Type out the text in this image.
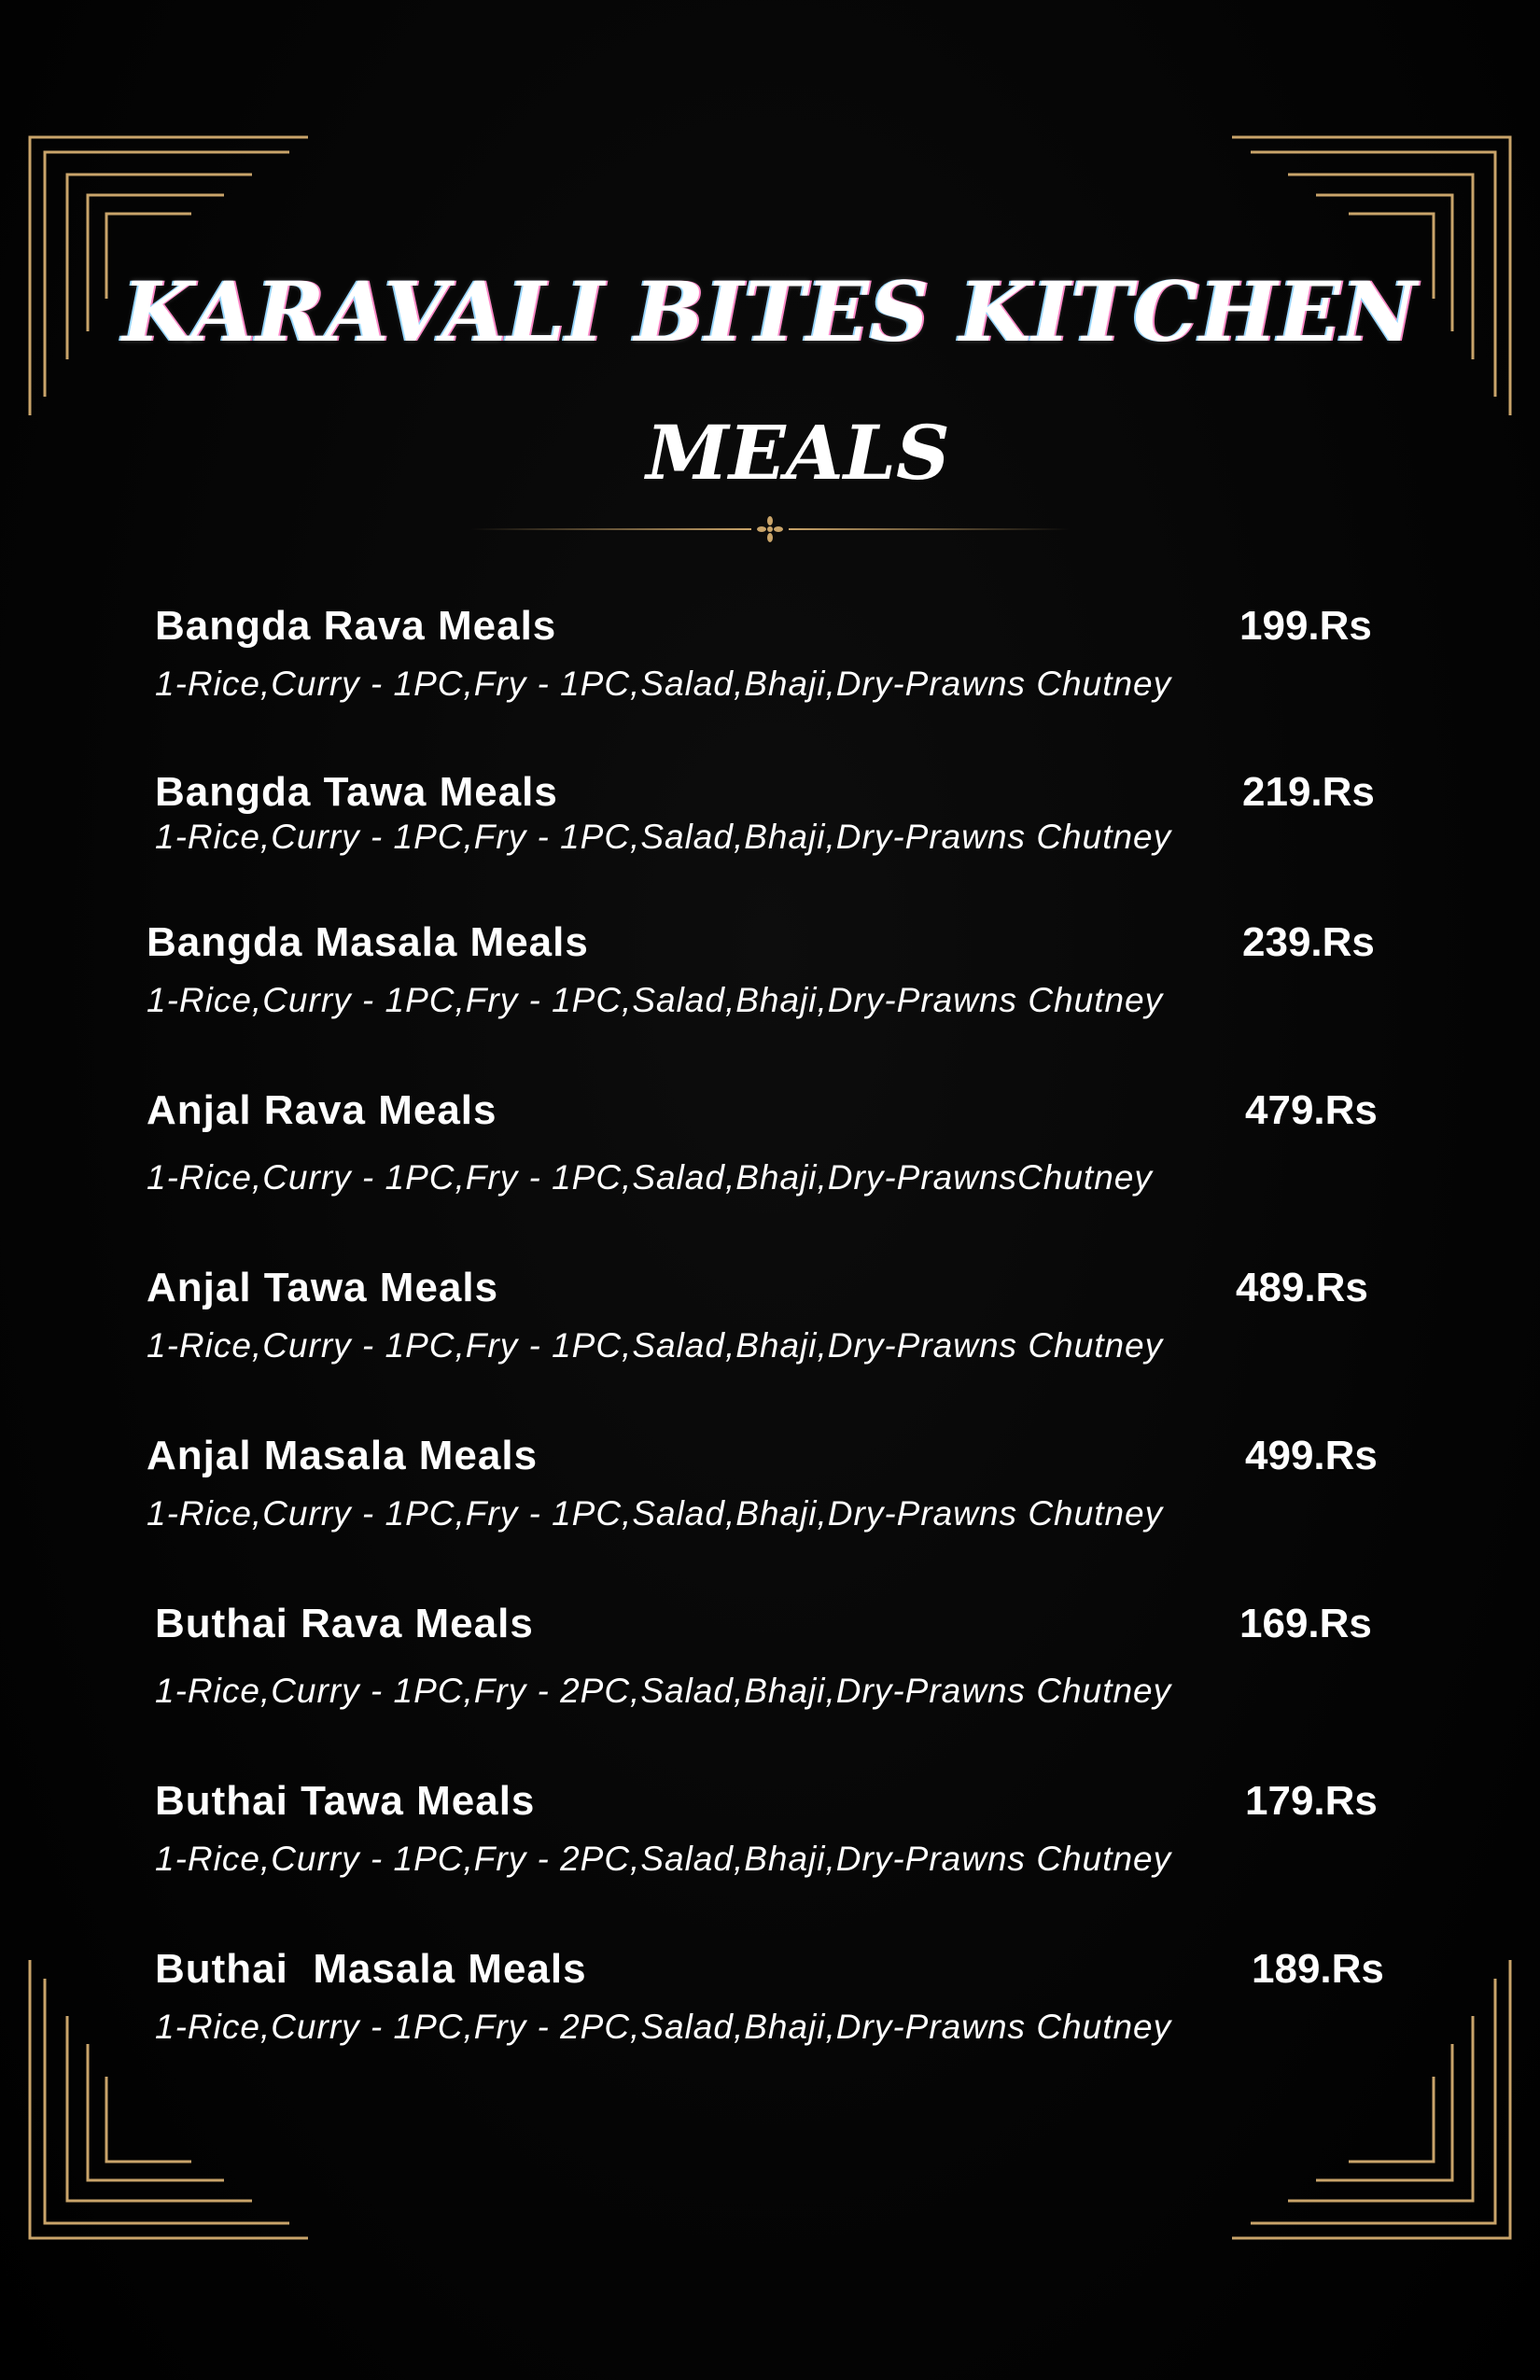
KARAVALI BITES KITCHEN
MEALS
Bangda Rava Meals	199.Rs
1-Rice,Curry - 1PC,Fry - 1PC,Salad,Bhaji,Dry-Prawns Chutney
Bangda Tawa Meals	219.Rs
1-Rice,Curry - 1PC,Fry - 1PC,Salad,Bhaji,Dry-Prawns Chutney
Bangda Masala Meals	239.Rs
1-Rice,Curry - 1PC,Fry - 1PC,Salad,Bhaji,Dry-Prawns Chutney
Anjal Rava Meals	479.Rs
1-Rice,Curry - 1PC,Fry - 1PC,Salad,Bhaji,Dry-PrawnsChutney
Anjal Tawa Meals	489.Rs
1-Rice,Curry - 1PC,Fry - 1PC,Salad,Bhaji,Dry-Prawns Chutney
Anjal Masala Meals	499.Rs
1-Rice,Curry - 1PC,Fry - 1PC,Salad,Bhaji,Dry-Prawns Chutney
Buthai Rava Meals	169.Rs
1-Rice,Curry - 1PC,Fry - 2PC,Salad,Bhaji,Dry-Prawns Chutney
Buthai Tawa Meals	179.Rs
1-Rice,Curry - 1PC,Fry - 2PC,Salad,Bhaji,Dry-Prawns Chutney
Buthai  Masala Meals	189.Rs
1-Rice,Curry - 1PC,Fry - 2PC,Salad,Bhaji,Dry-Prawns Chutney
